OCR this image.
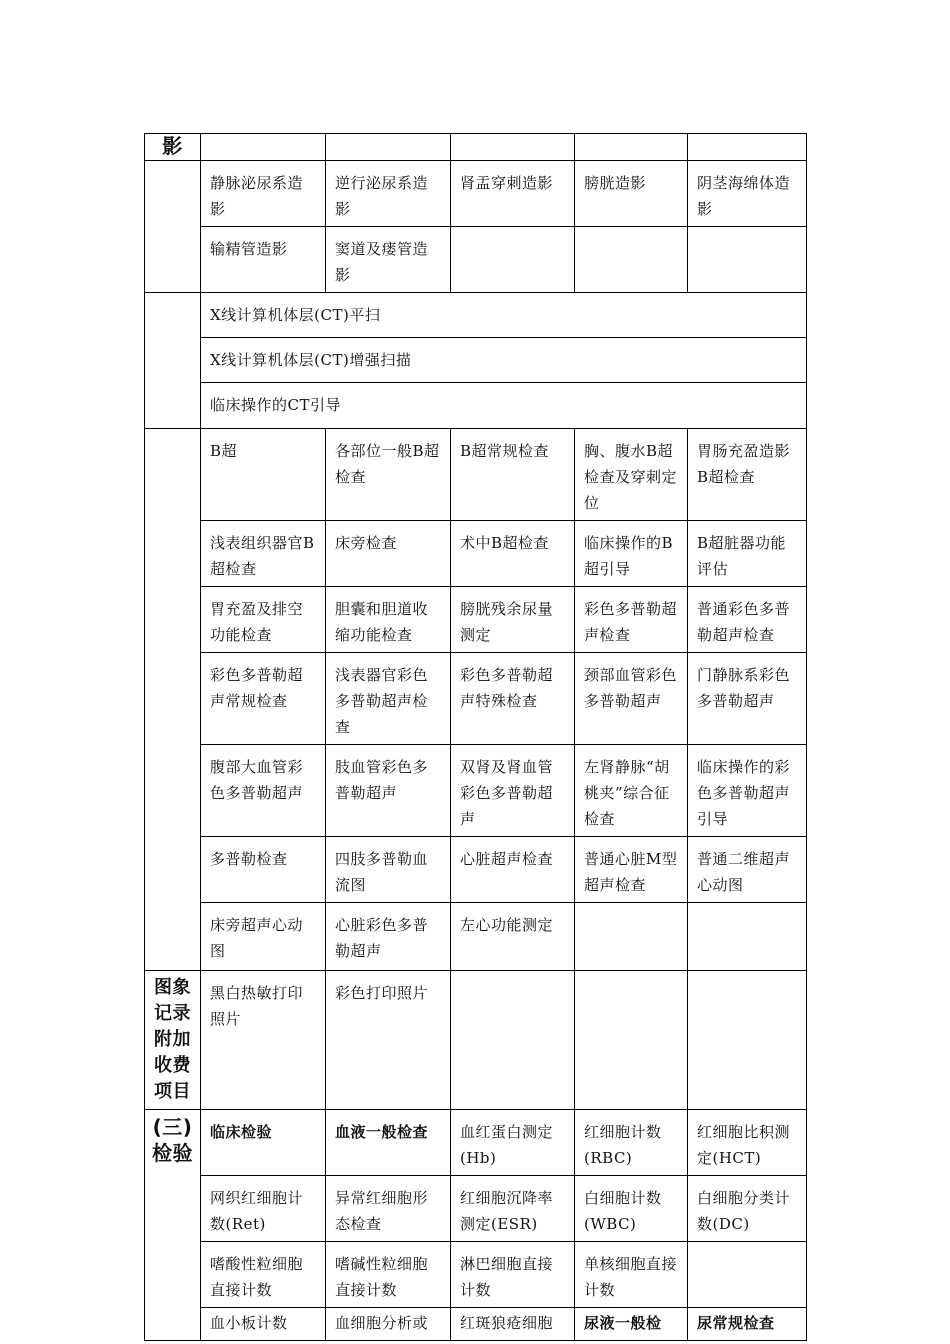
影					
	静脉泌尿系造影	逆行泌尿系造影	肾盂穿刺造影	膀胱造影	阴茎海绵体造影
	输精管造影	窦道及瘘管造影			
	X线计算机体层(CT)平扫				
	X线计算机体层(CT)增强扫描				
	临床操作的CT引导				
	B超	各部位一般B超检查	B超常规检查	胸、腹水B超检查及穿刺定位	胃肠充盈造影B超检查
	浅表组织器官B超检查	床旁检查	术中B超检查	临床操作的B超引导	B超脏器功能评估
	胃充盈及排空功能检查	胆囊和胆道收缩功能检查	膀胱残余尿量测定	彩色多普勒超声检查	普通彩色多普勒超声检查
	彩色多普勒超声常规检查	浅表器官彩色多普勒超声检查	彩色多普勒超声特殊检查	颈部血管彩色多普勒超声	门静脉系彩色多普勒超声
	腹部大血管彩色多普勒超声	肢血管彩色多普勒超声	双肾及肾血管彩色多普勒超声	左肾静脉“胡桃夹”综合征检查	临床操作的彩色多普勒超声引导
	多普勒检查	四肢多普勒血流图	心脏超声检查	普通心脏M型超声检查	普通二维超声心动图
	床旁超声心动图	心脏彩色多普勒超声	左心功能测定		
图象记录附加收费项目	黑白热敏打印照片	彩色打印照片			
(三)检验	临床检验	血液一般检查	血红蛋白测定(Hb)	红细胞计数(RBC)	红细胞比积测定(HCT)
	网织红细胞计数(Ret)	异常红细胞形态检查	红细胞沉降率测定(ESR)	白细胞计数(WBC)	白细胞分类计数(DC)
	嗜酸性粒细胞直接计数	嗜碱性粒细胞直接计数	淋巴细胞直接计数	单核细胞直接计数	
	血小板计数	血细胞分析或	红斑狼疮细胞	尿液一般检	尿常规检查
